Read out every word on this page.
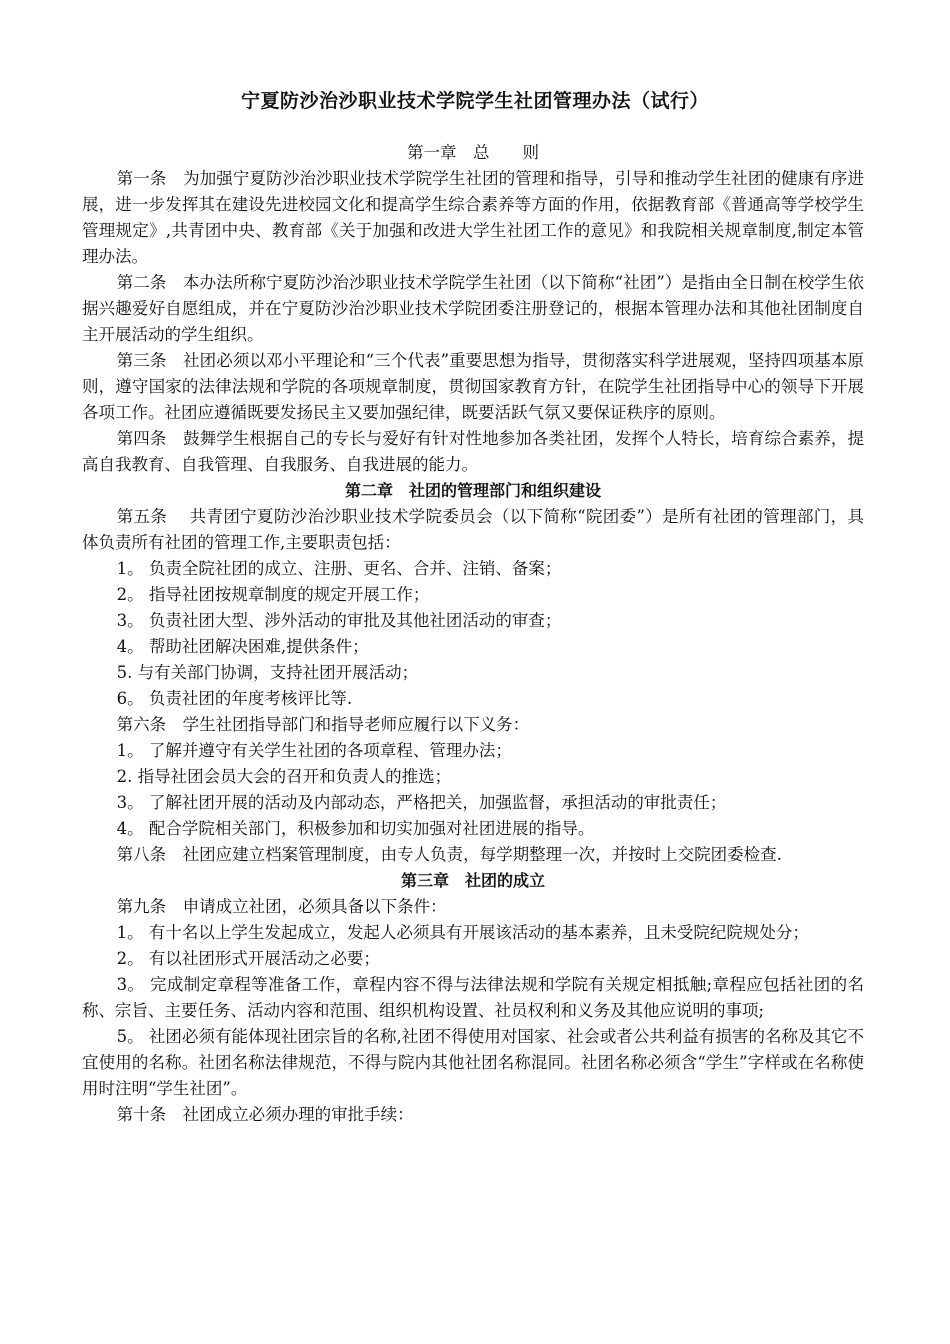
宁夏防沙治沙职业技术学院学生社团管理办法（试行）

第一章　总　　则

第一条　为加强宁夏防沙治沙职业技术学院学生社团的管理和指导，引导和推动学生社团的健康有序进展，进一步发挥其在建设先进校园文化和提高学生综合素养等方面的作用，依据教育部《普通高等学校学生管理规定》,共青团中央、教育部《关于加强和改进大学生社团工作的意见》和我院相关规章制度,制定本管理办法。

第二条　本办法所称宁夏防沙治沙职业技术学院学生社团（以下简称“社团”）是指由全日制在校学生依据兴趣爱好自愿组成，并在宁夏防沙治沙职业技术学院团委注册登记的，根据本管理办法和其他社团制度自主开展活动的学生组织。

第三条　社团必须以邓小平理论和“三个代表”重要思想为指导，贯彻落实科学进展观，坚持四项基本原则，遵守国家的法律法规和学院的各项规章制度，贯彻国家教育方针，在院学生社团指导中心的领导下开展各项工作。社团应遵循既要发扬民主又要加强纪律，既要活跃气氛又要保证秩序的原则。

第四条　鼓舞学生根据自己的专长与爱好有针对性地参加各类社团，发挥个人特长，培育综合素养，提高自我教育、自我管理、自我服务、自我进展的能力。

第二章　社团的管理部门和组织建设

第五条　 共青团宁夏防沙治沙职业技术学院委员会（以下简称“院团委”）是所有社团的管理部门，具体负责所有社团的管理工作,主要职责包括：

1。 负责全院社团的成立、注册、更名、合并、注销、备案；

2。 指导社团按规章制度的规定开展工作；

3。 负责社团大型、涉外活动的审批及其他社团活动的审查；

4。 帮助社团解决困难,提供条件；

5. 与有关部门协调，支持社团开展活动；

6。 负责社团的年度考核评比等.

第六条　学生社团指导部门和指导老师应履行以下义务：

1。 了解并遵守有关学生社团的各项章程、管理办法；

2. 指导社团会员大会的召开和负责人的推选；

3。 了解社团开展的活动及内部动态，严格把关，加强监督，承担活动的审批责任；

4。 配合学院相关部门，积极参加和切实加强对社团进展的指导。

第八条　社团应建立档案管理制度，由专人负责，每学期整理一次，并按时上交院团委检查.

第三章　社团的成立

第九条　申请成立社团，必须具备以下条件：

1。 有十名以上学生发起成立，发起人必须具有开展该活动的基本素养，且未受院纪院规处分；

2。 有以社团形式开展活动之必要；

3。 完成制定章程等准备工作，章程内容不得与法律法规和学院有关规定相抵触;章程应包括社团的名称、宗旨、主要任务、活动内容和范围、组织机构设置、社员权利和义务及其他应说明的事项;

5。 社团必须有能体现社团宗旨的名称,社团不得使用对国家、社会或者公共利益有损害的名称及其它不宜使用的名称。社团名称法律规范，不得与院内其他社团名称混同。社团名称必须含“学生”字样或在名称使用时注明“学生社团”。

第十条　社团成立必须办理的审批手续：
